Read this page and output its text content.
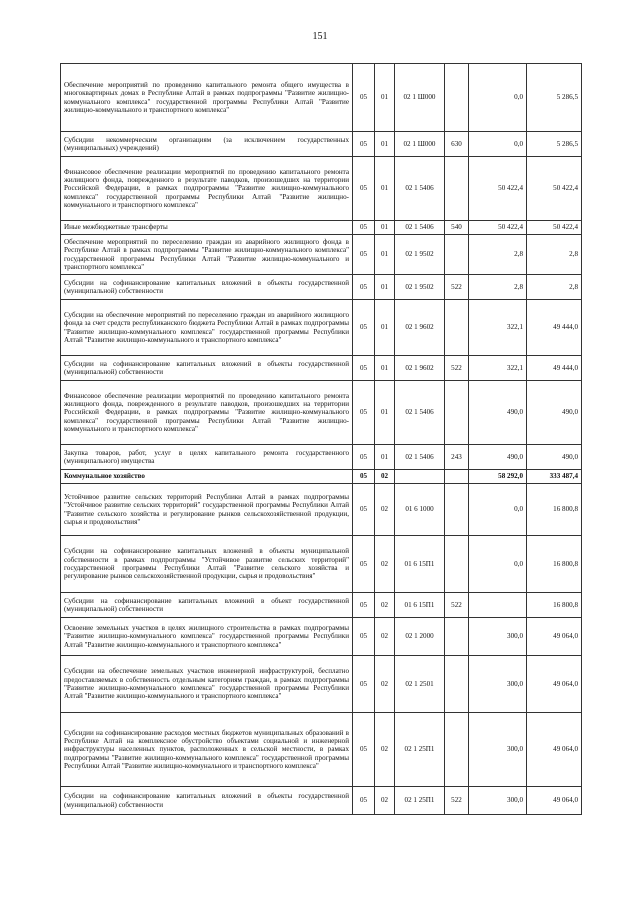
151
Обеспечение мероприятий по проведению капитального ремонта общего имущества в многоквартирных домах в Республике Алтай в рамках подпрограммы "Развитие жилищно-коммунального комплекса" государственной программы Республики Алтай "Развитие жилищно-коммунального и транспортного комплекса"	05	01	02 1 Ш000		0,0	5 286,5
Субсидии некоммерческим организациям (за исключением государственных (муниципальных) учреждений)	05	01	02 1 Ш000	630	0,0	5 286,5
Финансовое обеспечение реализации мероприятий по проведению капитального ремонта жилищного фонда, поврежденного в результате паводков, произошедших на территории Российской Федерации, в рамках подпрограммы "Развитие жилищно-коммунального комплекса" государственной программы Республики Алтай "Развитие жилищно-коммунального и транспортного комплекса"	05	01	02 1 5406		50 422,4	50 422,4
Иные межбюджетные трансферты	05	01	02 1 5406	540	50 422,4	50 422,4
Обеспечение мероприятий по переселению граждан из аварийного жилищного фонда в Республике Алтай в рамках подпрограммы "Развитие жилищно-коммунального комплекса" государственной программы Республики Алтай "Развитие жилищно-коммунального и транспортного комплекса"	05	01	02 1 9502		2,8	2,8
Субсидии на софинансирование капитальных вложений в объекты государственной (муниципальной) собственности	05	01	02 1 9502	522	2,8	2,8
Субсидии на обеспечение мероприятий по переселению граждан из аварийного жилищного фонда за счет средств республиканского бюджета Республики Алтай в рамках подпрограммы "Развитие жилищно-коммунального комплекса" государственной программы Республики Алтай "Развитие жилищно-коммунального и транспортного комплекса"	05	01	02 1 9602		322,1	49 444,0
Субсидии на софинансирование капитальных вложений в объекты государственной (муниципальной) собственности	05	01	02 1 9602	522	322,1	49 444,0
Финансовое обеспечение реализации мероприятий по проведению капитального ремонта жилищного фонда, поврежденного в результате паводков, произошедших на территории Российской Федерации, в рамках подпрограммы "Развитие жилищно-коммунального комплекса" государственной программы Республики Алтай "Развитие жилищно-коммунального и транспортного комплекса"	05	01	02 1 5406		490,0	490,0
Закупка товаров, работ, услуг в целях капитального ремонта государственного (муниципального) имущества	05	01	02 1 5406	243	490,0	490,0
Коммунальное хозяйство	05	02			58 292,0	333 487,4
Устойчивое развитие сельских территорий Республики Алтай в рамках подпрограммы "Устойчивое развитие сельских территорий" государственной программы Республики Алтай "Развитие сельского хозяйства и регулирование рынков сельскохозяйственной продукции, сырья и продовольствия"	05	02	01 6 1000		0,0	16 800,8
Субсидии на софинансирование капитальных вложений в объекты муниципальной собственности в рамках подпрограммы "Устойчивое развитие сельских территорий" государственной программы Республики Алтай "Развитие сельского хозяйства и регулирование рынков сельскохозяйственной продукции, сырья и продовольствия"	05	02	01 6 15П1		0,0	16 800,8
Субсидии на софинансирование капитальных вложений в объект государственной (муниципальной) собственности	05	02	01 6 15П1	522		16 800,8
Освоение земельных участков в целях жилищного строительства в рамках подпрограммы "Развитие жилищно-коммунального комплекса" государственной программы Республики Алтай "Развитие жилищно-коммунального и транспортного комплекса"	05	02	02 1 2000		300,0	49 064,0
Субсидии на обеспечение земельных участков инженерной инфраструктурой, бесплатно предоставляемых в собственность отдельным категориям граждан, в рамках подпрограммы "Развитие жилищно-коммунального комплекса" государственной программы Республики Алтай "Развитие жилищно-коммунального и транспортного комплекса"	05	02	02 1 2501		300,0	49 064,0
Субсидии на софинансирование расходов местных бюджетов муниципальных образований в Республике Алтай на комплексное обустройство объектами социальной и инженерной инфраструктуры населенных пунктов, расположенных в сельской местности, в рамках подпрограммы "Развитие жилищно-коммунального комплекса" государственной программы Республики Алтай "Развитие жилищно-коммунального и транспортного комплекса"	05	02	02 1 25П1		300,0	49 064,0
Субсидии на софинансирование капитальных вложений в объекты государственной (муниципальной) собственности	05	02	02 1 25П1	522	300,0	49 064,0
